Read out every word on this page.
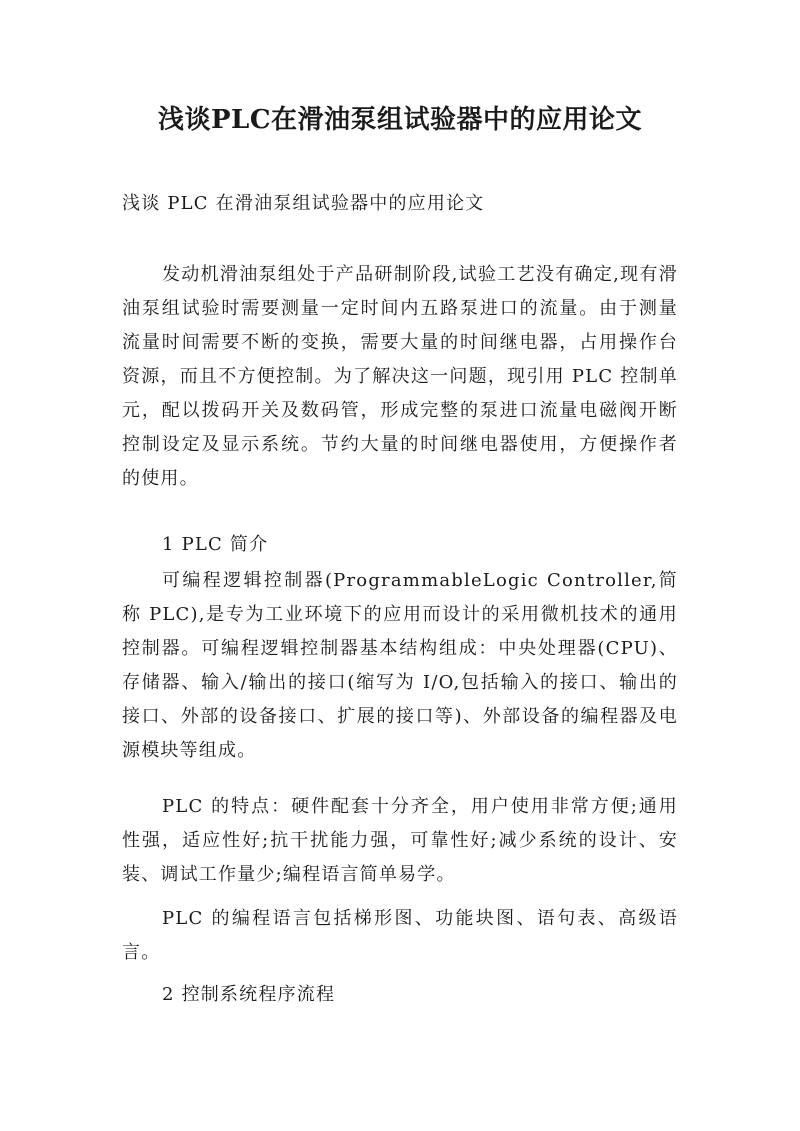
浅谈PLC在滑油泵组试验器中的应用论文

浅谈 PLC 在滑油泵组试验器中的应用论文

发动机滑油泵组处于产品研制阶段,试验工艺没有确定,现有滑油泵组试验时需要测量一定时间内五路泵进口的流量。由于测量流量时间需要不断的变换，需要大量的时间继电器，占用操作台资源，而且不方便控制。为了解决这一问题，现引用 PLC 控制单元，配以拨码开关及数码管，形成完整的泵进口流量电磁阀开断控制设定及显示系统。节约大量的时间继电器使用，方便操作者的使用。

1 PLC 简介

可编程逻辑控制器(ProgrammableLogic Controller,简称 PLC),是专为工业环境下的应用而设计的采用微机技术的通用控制器。可编程逻辑控制器基本结构组成：中央处理器(CPU)、存储器、输入/输出的接口(缩写为 I/O,包括输入的接口、输出的接口、外部的设备接口、扩展的接口等)、外部设备的编程器及电源模块等组成。

PLC 的特点：硬件配套十分齐全，用户使用非常方便;通用性强，适应性好;抗干扰能力强，可靠性好;减少系统的设计、安装、调试工作量少;编程语言简单易学。

PLC 的编程语言包括梯形图、功能块图、语句表、高级语言。

2 控制系统程序流程
